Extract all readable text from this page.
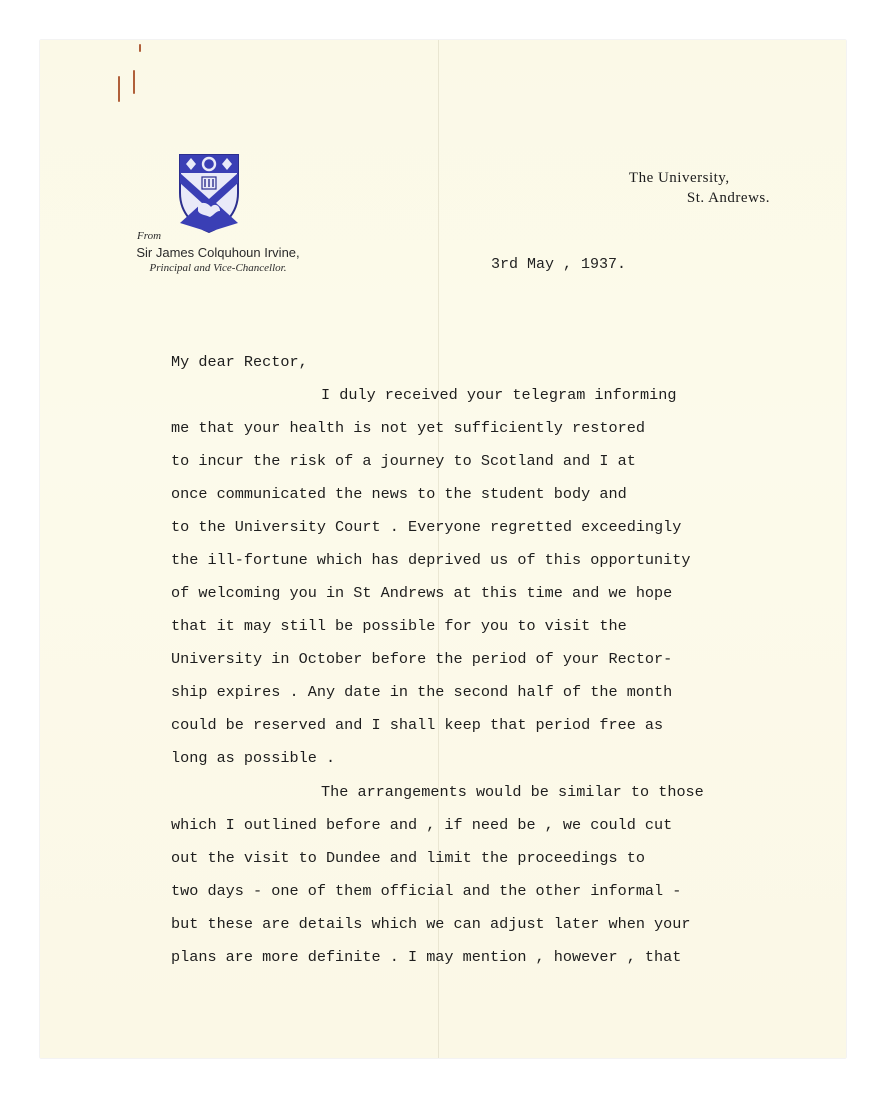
From
Sir James Colquhoun Irvine,
Principal and Vice-Chancellor.
The University,
St. Andrews.
3rd May , 1937.
My dear Rector,
I duly received your telegram informing
me that your health is not yet sufficiently restored
to incur the risk of a journey to Scotland and I at
once communicated the news to the student body and
to the University Court . Everyone regretted exceedingly
the ill-fortune which has deprived us of this opportunity
of welcoming you in St Andrews at this time and we hope
that it may still be possible for you to visit the
University in October before the period of your Rector-
ship expires . Any date in the second half of the month
could be reserved and I shall keep that period free as
long as possible .
The arrangements would be similar to those
which I outlined before and , if need be , we could cut
out the visit to Dundee and limit the proceedings to
two days - one of them official and the other informal -
but these are details which we can adjust later when your
plans are more definite . I may mention , however , that
